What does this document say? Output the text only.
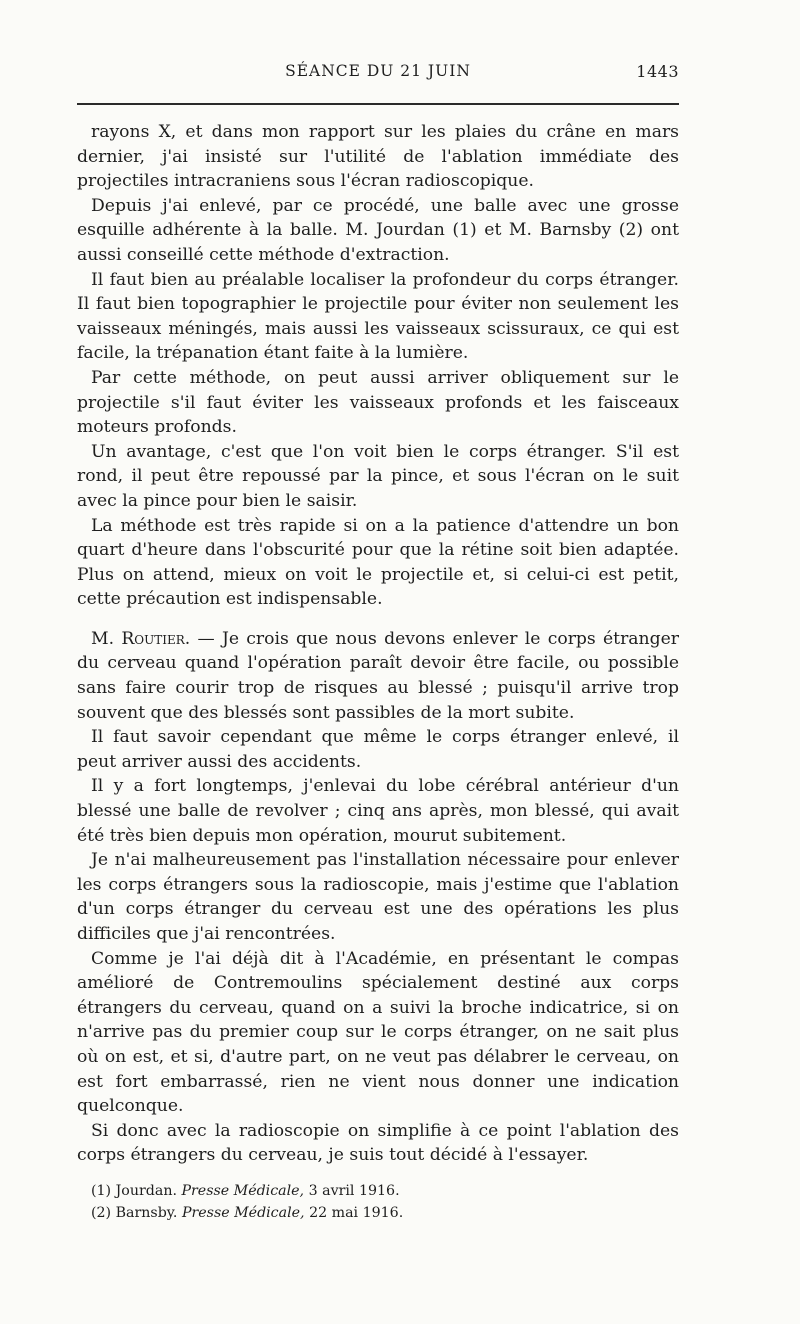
SÉANCE DU 21 JUIN	1443

rayons X, et dans mon rapport sur les plaies du crâne en mars dernier, j'ai insisté sur l'utilité de l'ablation immédiate des projectiles intracraniens sous l'écran radioscopique.

Depuis j'ai enlevé, par ce procédé, une balle avec une grosse esquille adhérente à la balle. M. Jourdan (1) et M. Barnsby (2) ont aussi conseillé cette méthode d'extraction.

Il faut bien au préalable localiser la profondeur du corps étranger. Il faut bien topographier le projectile pour éviter non seulement les vaisseaux méningés, mais aussi les vaisseaux scissuraux, ce qui est facile, la trépanation étant faite à la lumière.

Par cette méthode, on peut aussi arriver obliquement sur le projectile s'il faut éviter les vaisseaux profonds et les faisceaux moteurs profonds.

Un avantage, c'est que l'on voit bien le corps étranger. S'il est rond, il peut être repoussé par la pince, et sous l'écran on le suit avec la pince pour bien le saisir.

La méthode est très rapide si on a la patience d'attendre un bon quart d'heure dans l'obscurité pour que la rétine soit bien adaptée. Plus on attend, mieux on voit le projectile et, si celui-ci est petit, cette précaution est indispensable.

M. Routier. — Je crois que nous devons enlever le corps étranger du cerveau quand l'opération paraît devoir être facile, ou possible sans faire courir trop de risques au blessé ; puisqu'il arrive trop souvent que des blessés sont passibles de la mort subite.

Il faut savoir cependant que même le corps étranger enlevé, il peut arriver aussi des accidents.

Il y a fort longtemps, j'enlevai du lobe cérébral antérieur d'un blessé une balle de revolver ; cinq ans après, mon blessé, qui avait été très bien depuis mon opération, mourut subitement.

Je n'ai malheureusement pas l'installation nécessaire pour enlever les corps étrangers sous la radioscopie, mais j'estime que l'ablation d'un corps étranger du cerveau est une des opérations les plus difficiles que j'ai rencontrées.

Comme je l'ai déjà dit à l'Académie, en présentant le compas amélioré de Contremoulins spécialement destiné aux corps étrangers du cerveau, quand on a suivi la broche indicatrice, si on n'arrive pas du premier coup sur le corps étranger, on ne sait plus où on est, et si, d'autre part, on ne veut pas délabrer le cerveau, on est fort embarrassé, rien ne vient nous donner une indication quelconque.

Si donc avec la radioscopie on simplifie à ce point l'ablation des corps étrangers du cerveau, je suis tout décidé à l'essayer.

(1) Jourdan. Presse Médicale, 3 avril 1916.

(2) Barnsby. Presse Médicale, 22 mai 1916.
